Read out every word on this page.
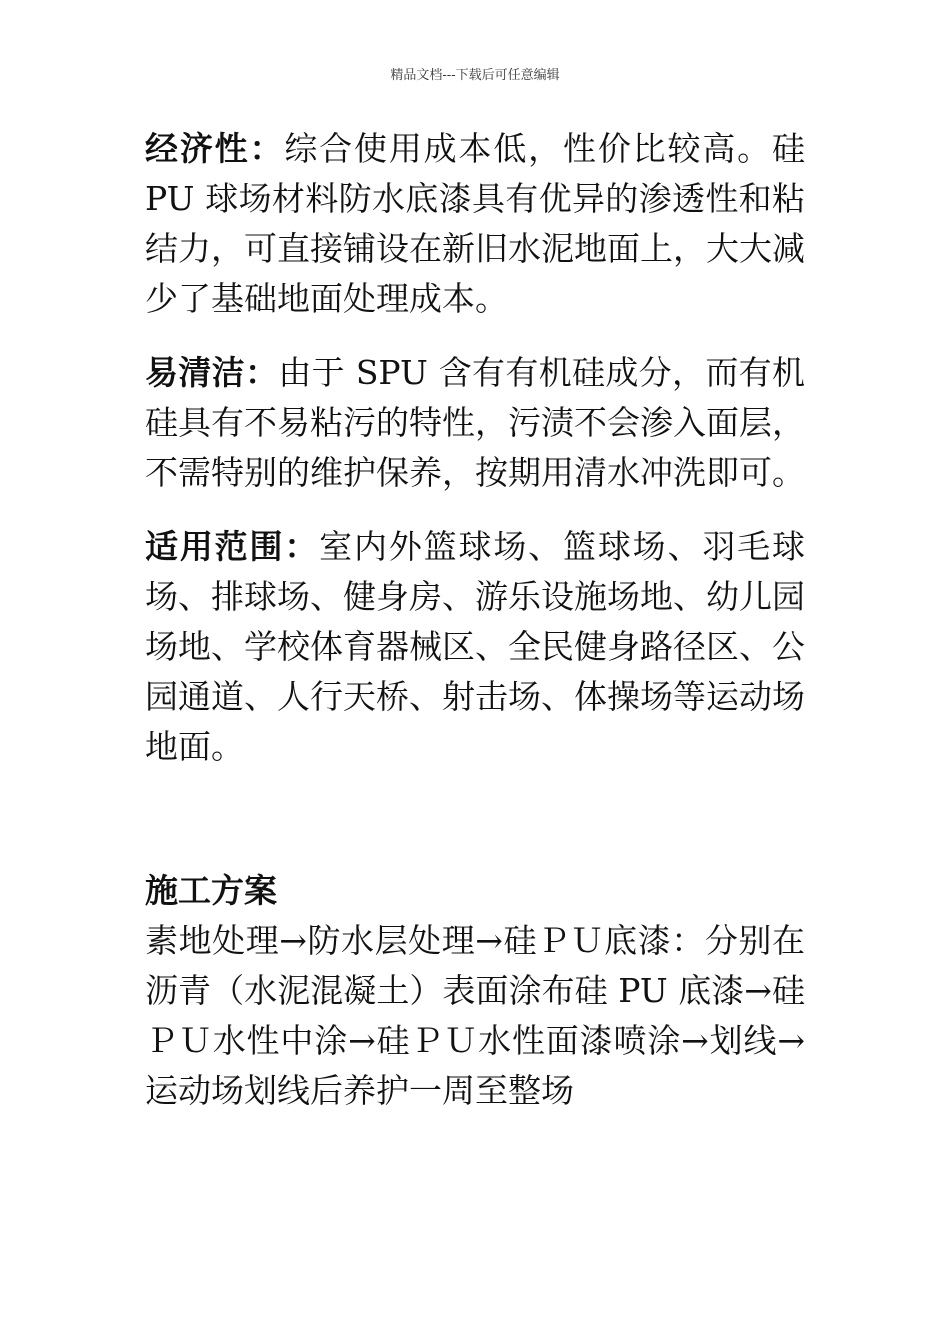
精品文档---下载后可任意编辑

经济性：综合使用成本低，性价比较高。硅 PU 球场材料防水底漆具有优异的渗透性和粘结力，可直接铺设在新旧水泥地面上，大大减少了基础地面处理成本。

易清洁：由于 SPU 含有有机硅成分，而有机硅具有不易粘污的特性，污渍不会渗入面层，不需特别的维护保养，按期用清水冲洗即可。

适用范围：室内外篮球场、篮球场、羽毛球场、排球场、健身房、游乐设施场地、幼儿园场地、学校体育器械区、全民健身路径区、公园通道、人行天桥、射击场、体操场等运动场地面。

施工方案

素地处理→防水层处理→硅ＰＵ底漆：分别在沥青（水泥混凝土）表面涂布硅 PU 底漆→硅ＰＵ水性中涂→硅ＰＵ水性面漆喷涂→划线→运动场划线后养护一周至整场
